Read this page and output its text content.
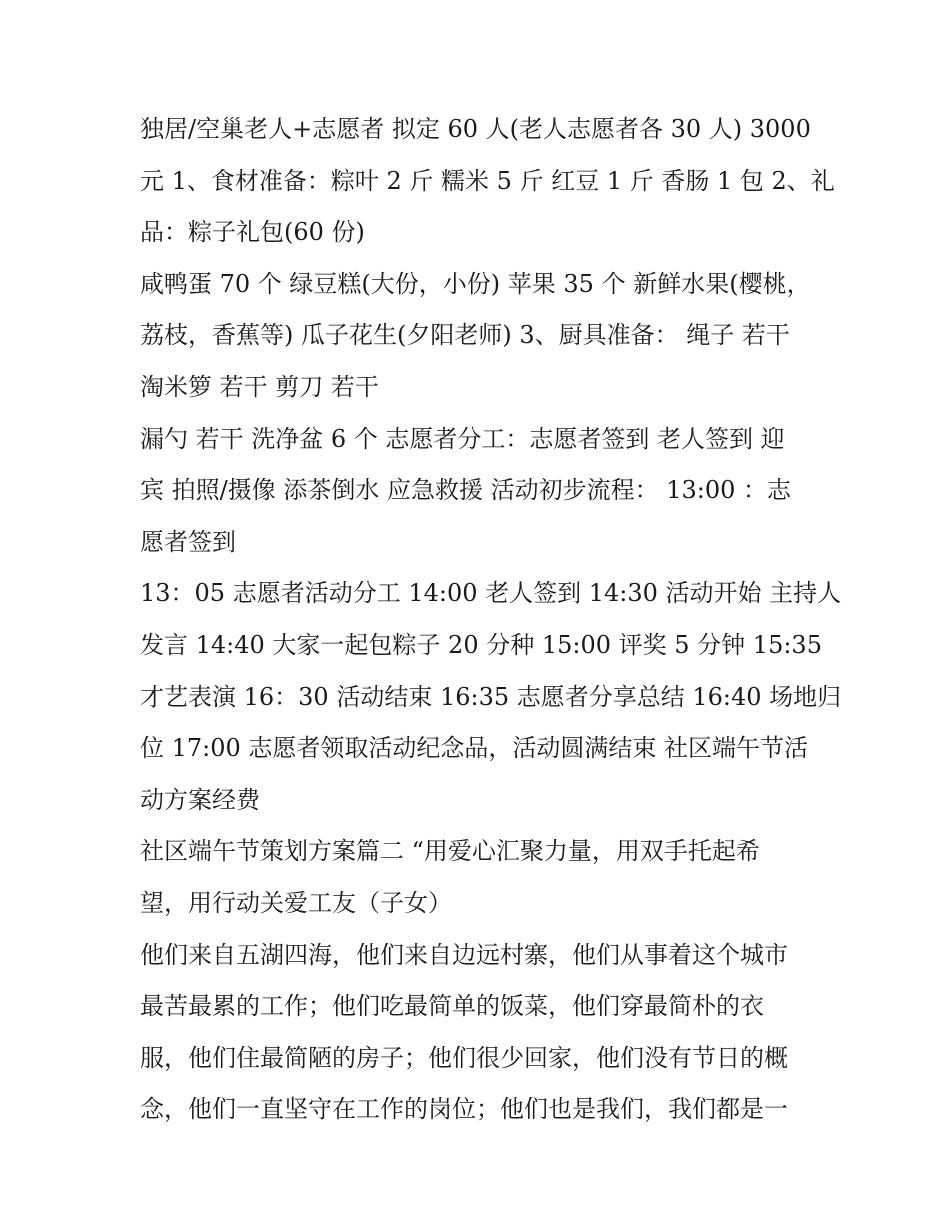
独居/空巢老人+志愿者 拟定 60 人(老人志愿者各 30 人) 3000
元 1、食材准备：粽叶 2 斤 糯米 5 斤 红豆 1 斤 香肠 1 包 2、礼
品：粽子礼包(60 份)
咸鸭蛋 70 个 绿豆糕(大份，小份) 苹果 35 个 新鲜水果(樱桃，
荔枝，香蕉等) 瓜子花生(夕阳老师) 3、厨具准备： 绳子 若干
淘米箩 若干 剪刀 若干
漏勺 若干 洗净盆 6 个 志愿者分工：志愿者签到 老人签到 迎
宾 拍照/摄像 添茶倒水 应急救援 活动初步流程： 13:00 ：志
愿者签到
13：05 志愿者活动分工 14:00 老人签到 14:30 活动开始 主持人
发言 14:40 大家一起包粽子 20 分种 15:00 评奖 5 分钟 15:35
才艺表演 16：30 活动结束 16:35 志愿者分享总结 16:40 场地归
位 17:00 志愿者领取活动纪念品，活动圆满结束 社区端午节活
动方案经费
社区端午节策划方案篇二 “用爱心汇聚力量，用双手托起希
望，用行动关爱工友（子女）
他们来自五湖四海，他们来自边远村寨，他们从事着这个城市
最苦最累的工作；他们吃最简单的饭菜，他们穿最简朴的衣
服，他们住最简陋的房子；他们很少回家，他们没有节日的概
念，他们一直坚守在工作的岗位；他们也是我们，我们都是一
